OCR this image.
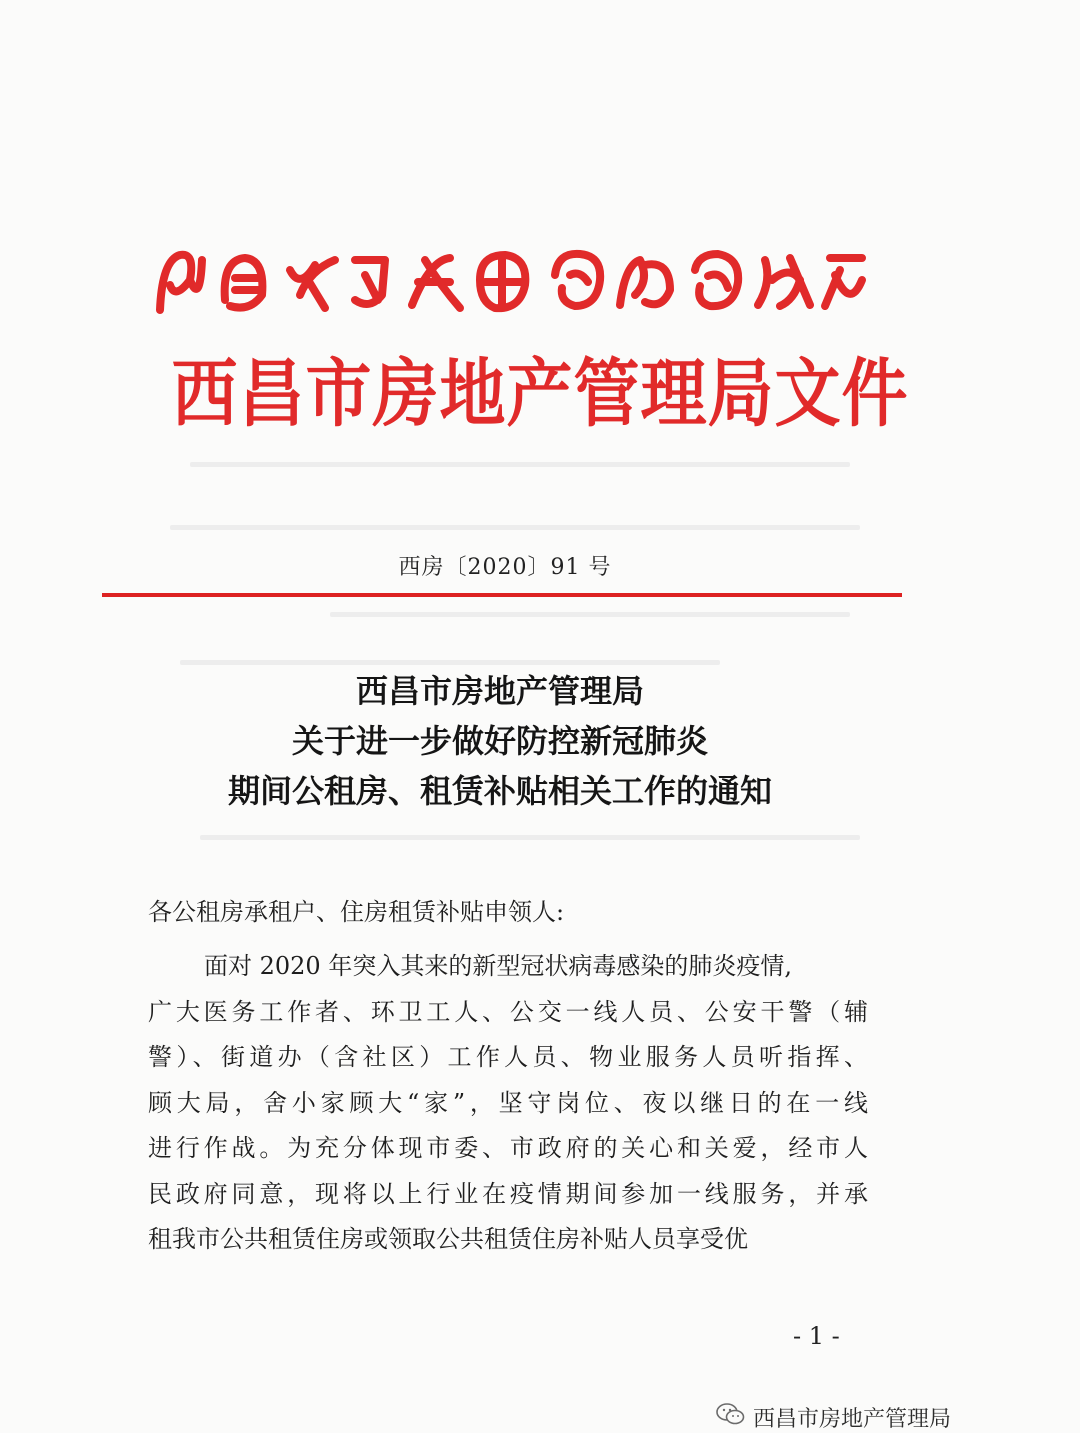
西昌市房地产管理局文件
西房〔2020〕91 号
西昌市房地产管理局
关于进一步做好防控新冠肺炎
期间公租房、租赁补贴相关工作的通知
各公租房承租户、住房租赁补贴申领人:
面对 2020 年突入其来的新型冠状病毒感染的肺炎疫情,
广大医务工作者、环卫工人、公交一线人员、公安干警（辅
警）、街道办（含社区）工作人员、物业服务人员听指挥、
顾大局，舍小家顾大“家”，坚守岗位、夜以继日的在一线
进行作战。为充分体现市委、市政府的关心和关爱，经市人
民政府同意，现将以上行业在疫情期间参加一线服务，并承
租我市公共租赁住房或领取公共租赁住房补贴人员享受优
- 1 -
西昌市房地产管理局
